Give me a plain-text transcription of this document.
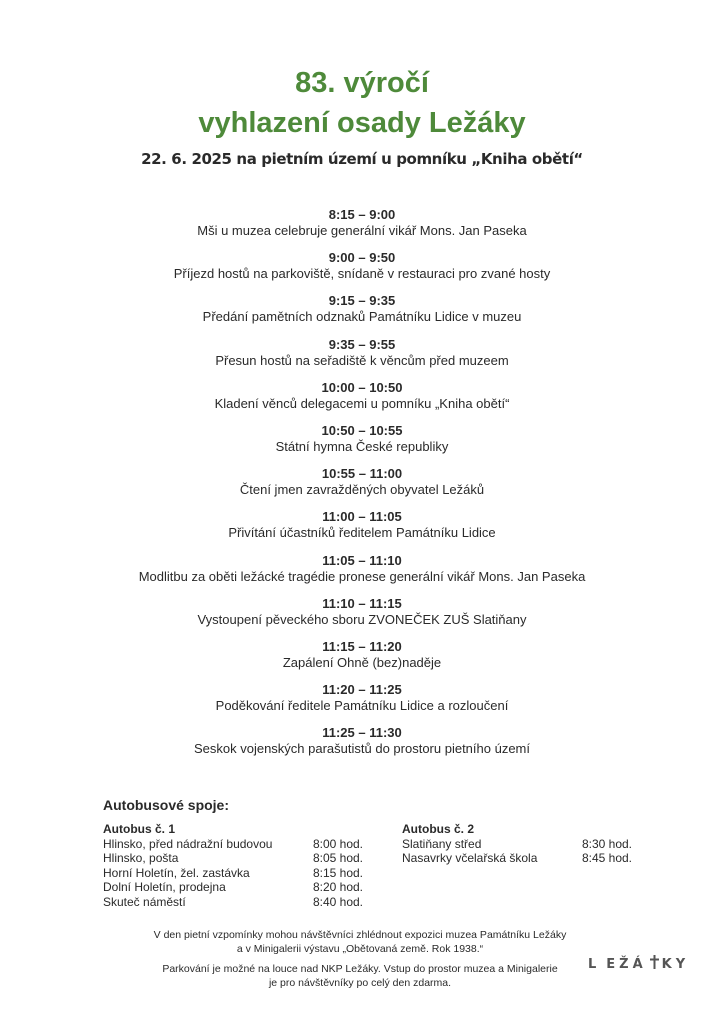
83. výročí
vyhlazení osady Ležáky
22. 6. 2025 na pietním území u pomníku „Kniha obětí“
8:15 – 9:00
Mši u muzea celebruje generální vikář Mons. Jan Paseka
9:00 – 9:50
Příjezd hostů na parkoviště, snídaně v restauraci pro zvané hosty
9:15 – 9:35
Předání pamětních odznaků Památníku Lidice v muzeu
9:35 – 9:55
Přesun hostů na seřadiště k věncům před muzeem
10:00 – 10:50
Kladení věnců delegacemi u pomníku „Kniha obětí“
10:50 – 10:55
Státní hymna České republiky
10:55 – 11:00
Čtení jmen zavražděných obyvatel Ležáků
11:00 – 11:05
Přivítání účastníků ředitelem Památníku Lidice
11:05 – 11:10
Modlitbu za oběti ležácké tragédie pronese generální vikář Mons. Jan Paseka
11:10 – 11:15
Vystoupení pěveckého sboru ZVONEČEK ZUŠ Slatiňany
11:15 – 11:20
Zapálení Ohně (bez)naděje
11:20 – 11:25
Poděkování ředitele Památníku Lidice a rozloučení
11:25 – 11:30
Seskok vojenských parašutistů do prostoru pietního území
Autobusové spoje:
Autobus č. 1
Hlinsko, před nádražní budovou	8:00 hod.
Hlinsko, pošta	8:05 hod.
Horní Holetín, žel. zastávka	8:15 hod.
Dolní Holetín, prodejna	8:20 hod.
Skuteč náměstí	8:40 hod.
Autobus č. 2
Slatiňany střed	8:30 hod.
Nasavrky včelařská škola	8:45 hod.
V den pietní vzpomínky mohou návštěvníci zhlédnout expozici muzea Památníku Ležáky
a v Minigalerii výstavu „Obětovaná země. Rok 1938.“
Parkování je možné na louce nad NKP Ležáky. Vstup do prostor muzea a Minigalerie
je pro návštěvníky po celý den zdarma.
L EŽÁ KY
